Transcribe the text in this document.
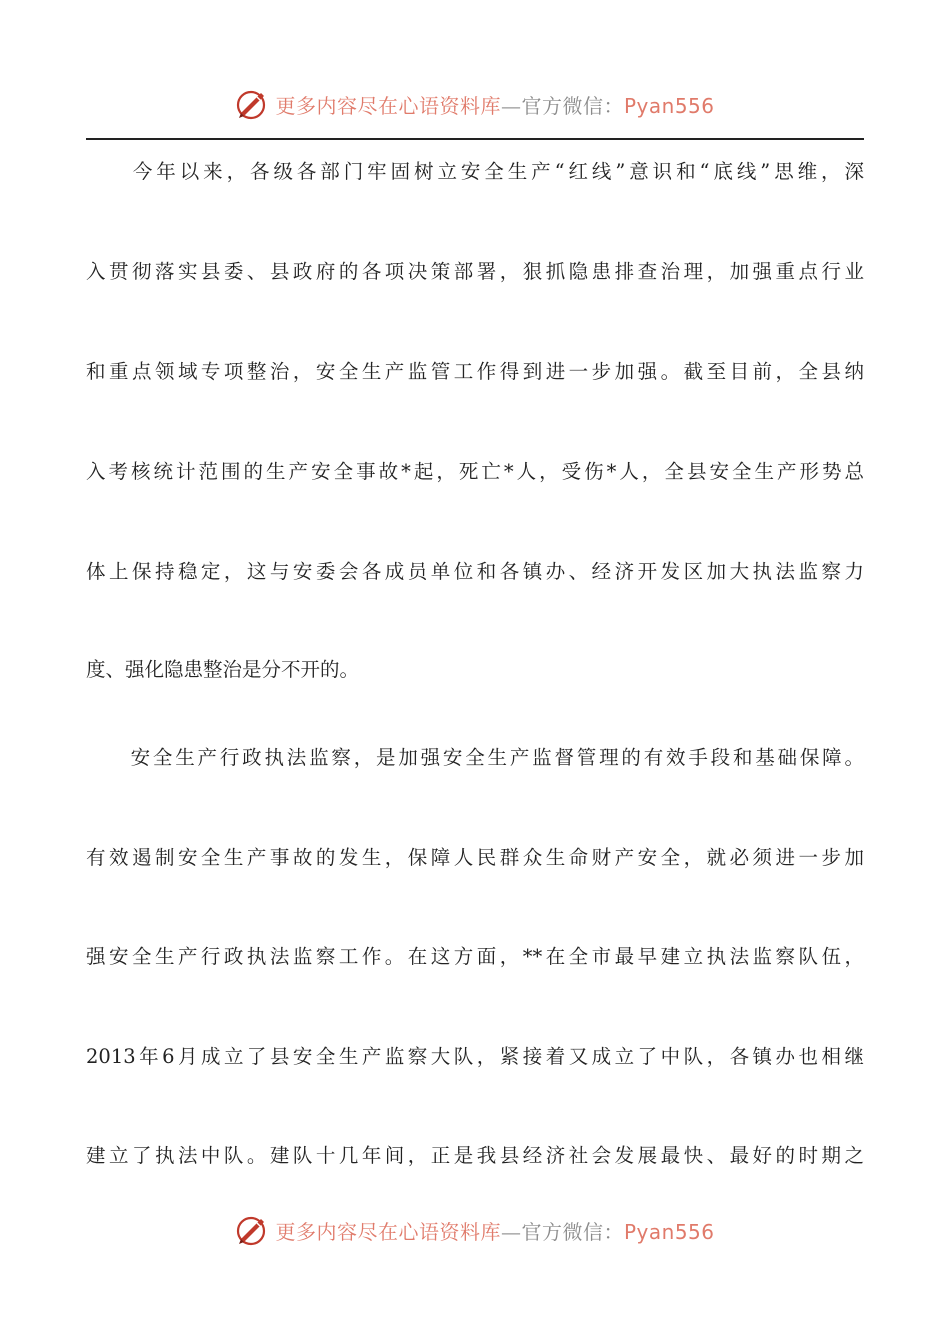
更多内容尽在心语资料库—官方微信：Pyan556
　　今年以来，各级各部门牢固树立安全生产“红线”意识和“底线”思维，深
入贯彻落实县委、县政府的各项决策部署，狠抓隐患排查治理，加强重点行业
和重点领域专项整治，安全生产监管工作得到进一步加强。截至目前，全县纳
入考核统计范围的生产安全事故*起，死亡*人，受伤*人，全县安全生产形势总
体上保持稳定，这与安委会各成员单位和各镇办、经济开发区加大执法监察力
度、强化隐患整治是分不开的。
　　安全生产行政执法监察，是加强安全生产监督管理的有效手段和基础保障。
有效遏制安全生产事故的发生，保障人民群众生命财产安全，就必须进一步加
强安全生产行政执法监察工作。在这方面，**在全市最早建立执法监察队伍，
2013年6月成立了县安全生产监察大队，紧接着又成立了中队，各镇办也相继
建立了执法中队。建队十几年间，正是我县经济社会发展最快、最好的时期之
更多内容尽在心语资料库—官方微信：Pyan556
